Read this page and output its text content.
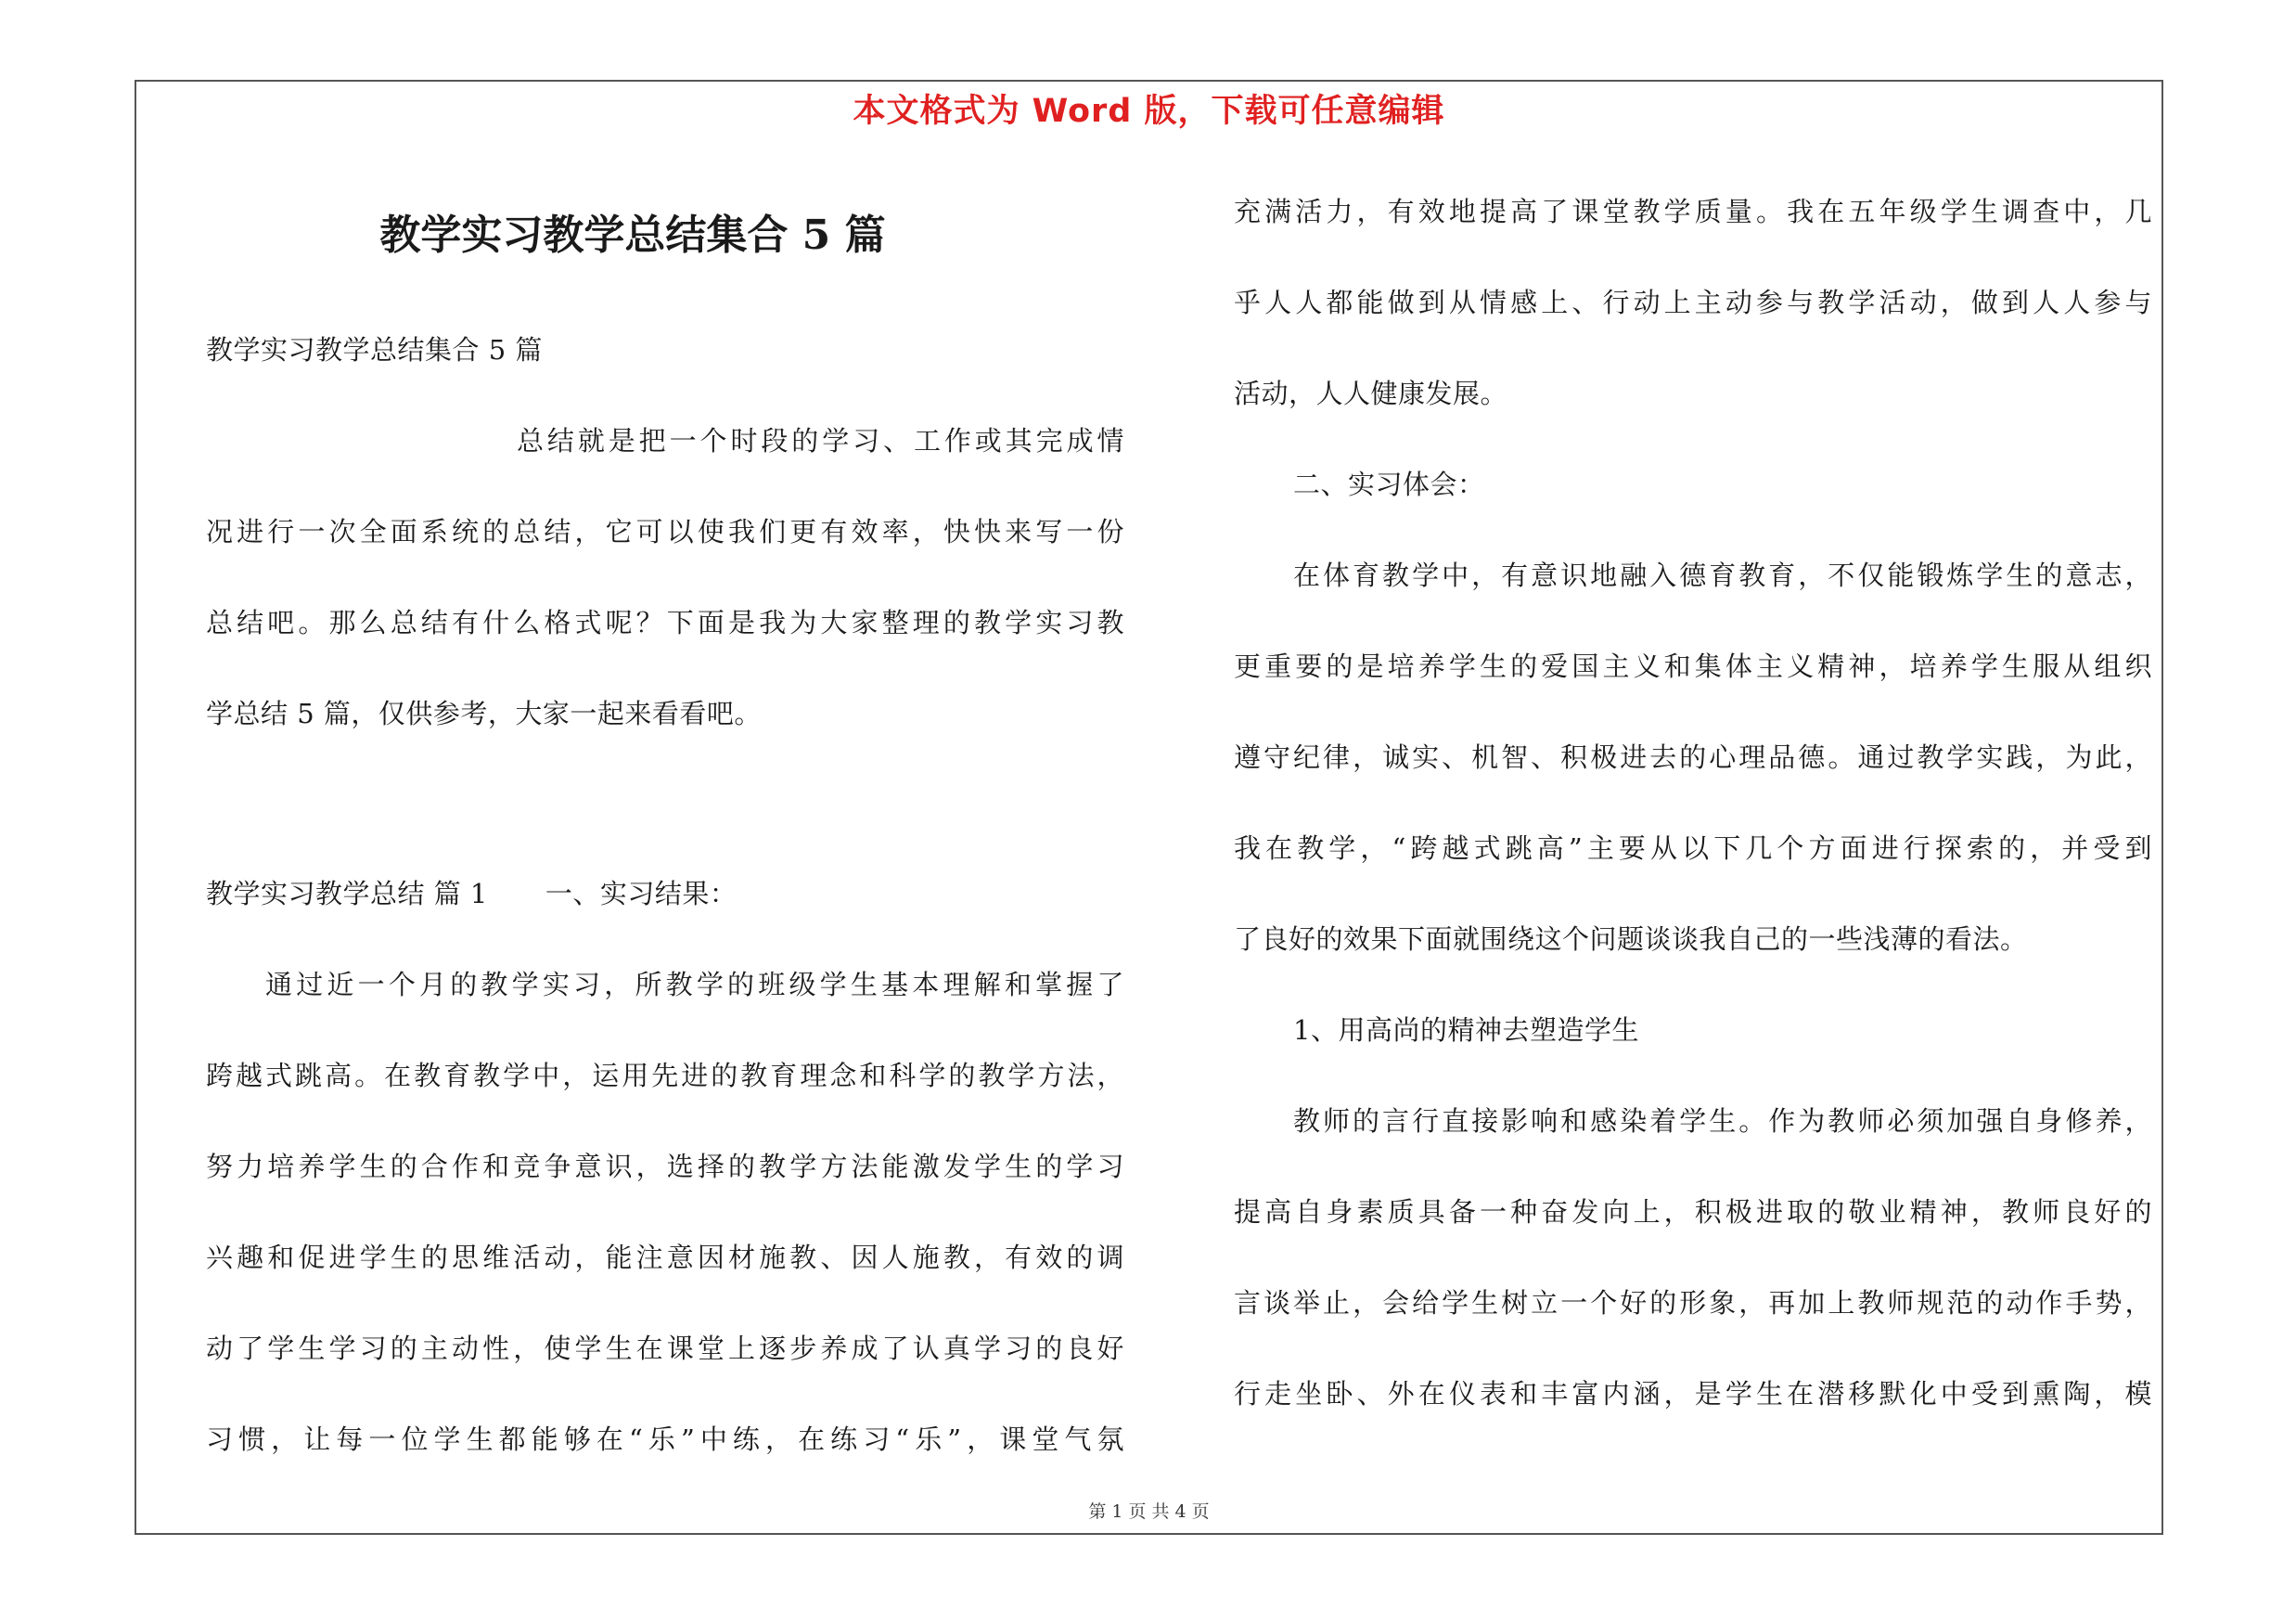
本文格式为 Word 版，下载可任意编辑
教学实习教学总结集合 5 篇
教学实习教学总结集合 5 篇
总结就是把一个时段的学习、工作或其完成情
况进行一次全面系统的总结，它可以使我们更有效率，快快来写一份
总结吧。那么总结有什么格式呢？下面是我为大家整理的教学实习教
学总结 5 篇，仅供参考，大家一起来看看吧。
教学实习教学总结 篇 1 一、实习结果：
通过近一个月的教学实习，所教学的班级学生基本理解和掌握了
跨越式跳高。在教育教学中，运用先进的教育理念和科学的教学方法，
努力培养学生的合作和竞争意识，选择的教学方法能激发学生的学习
兴趣和促进学生的思维活动，能注意因材施教、因人施教，有效的调
动了学生学习的主动性，使学生在课堂上逐步养成了认真学习的良好
习惯，让每一位学生都能够在“乐”中练，在练习“乐”，课堂气氛
充满活力，有效地提高了课堂教学质量。我在五年级学生调查中，几
乎人人都能做到从情感上、行动上主动参与教学活动，做到人人参与
活动，人人健康发展。
二、实习体会：
在体育教学中，有意识地融入德育教育，不仅能锻炼学生的意志，
更重要的是培养学生的爱国主义和集体主义精神，培养学生服从组织
遵守纪律，诚实、机智、积极进去的心理品德。通过教学实践，为此，
我在教学，“跨越式跳高”主要从以下几个方面进行探索的，并受到
了良好的效果下面就围绕这个问题谈谈我自己的一些浅薄的看法。
1、用高尚的精神去塑造学生
教师的言行直接影响和感染着学生。作为教师必须加强自身修养，
提高自身素质具备一种奋发向上，积极进取的敬业精神，教师良好的
言谈举止，会给学生树立一个好的形象，再加上教师规范的动作手势，
行走坐卧、外在仪表和丰富内涵，是学生在潜移默化中受到熏陶，模
第 1 页 共 4 页
